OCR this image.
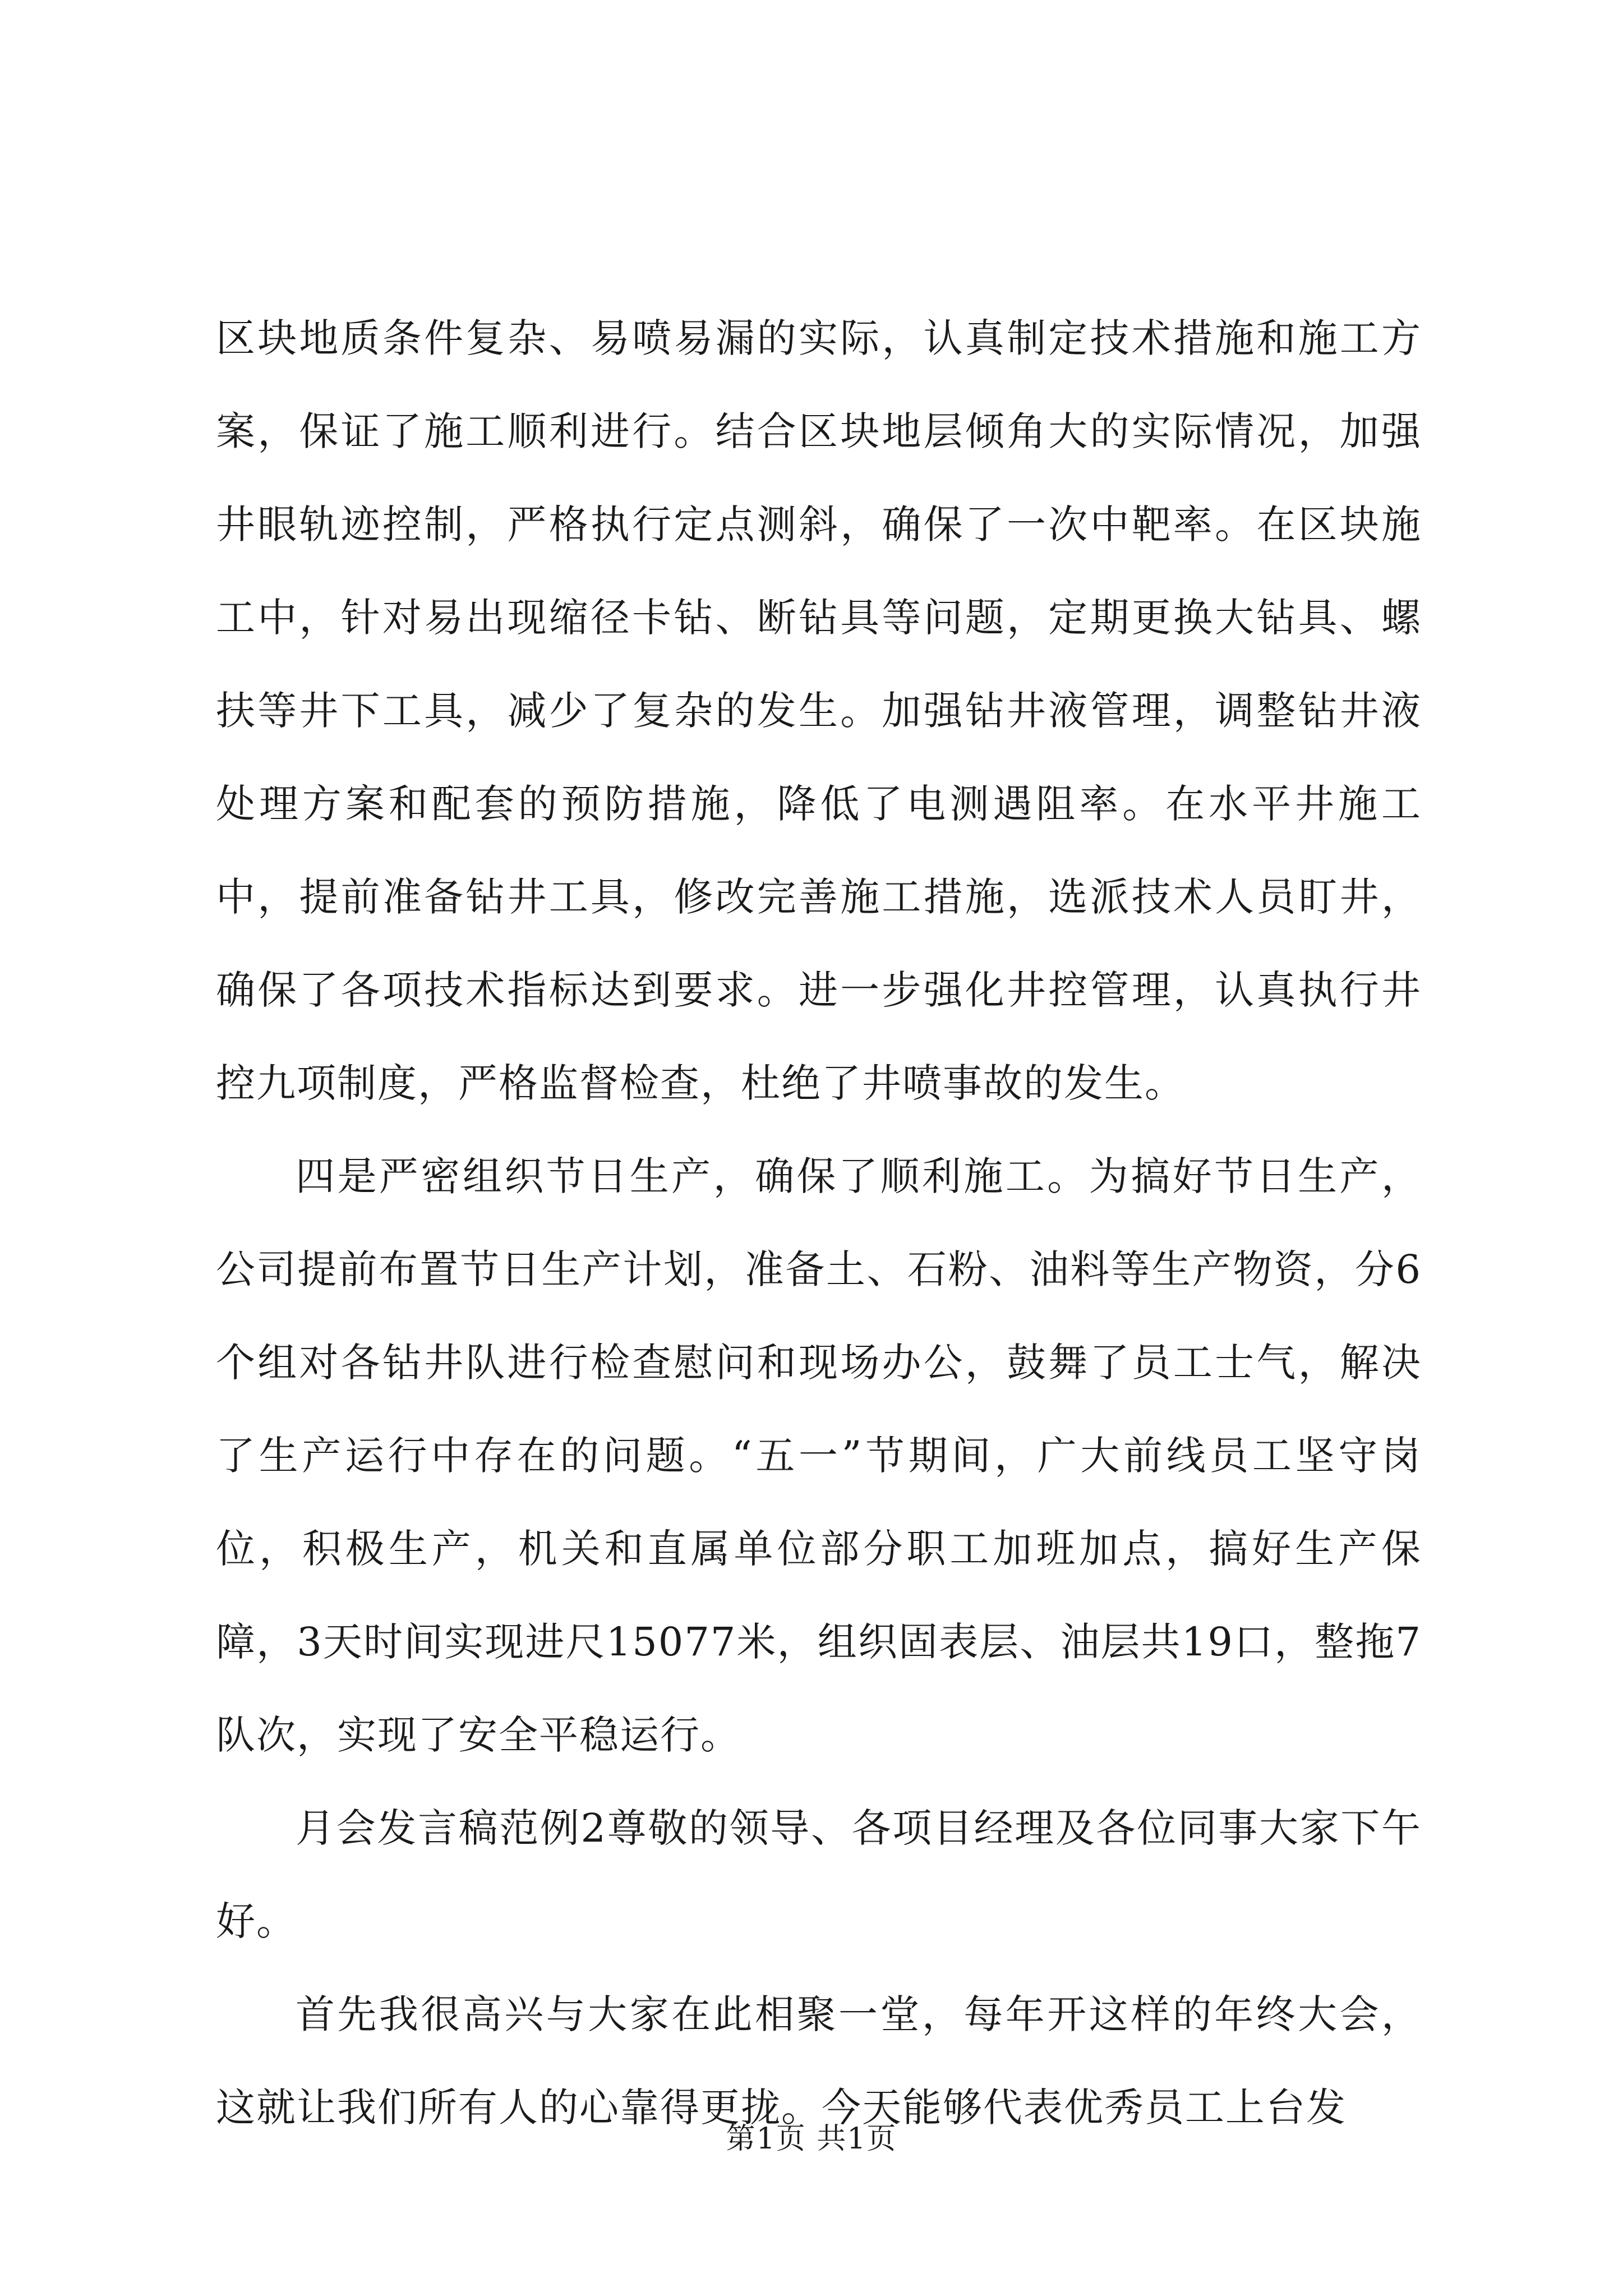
区块地质条件复杂、易喷易漏的实际，认真制定技术措施和施工方案，保证了施工顺利进行。结合区块地层倾角大的实际情况，加强井眼轨迹控制，严格执行定点测斜，确保了一次中靶率。在区块施工中，针对易出现缩径卡钻、断钻具等问题，定期更换大钻具、螺扶等井下工具，减少了复杂的发生。加强钻井液管理，调整钻井液处理方案和配套的预防措施，降低了电测遇阻率。在水平井施工中，提前准备钻井工具，修改完善施工措施，选派技术人员盯井，确保了各项技术指标达到要求。进一步强化井控管理，认真执行井控九项制度，严格监督检查，杜绝了井喷事故的发生。

四是严密组织节日生产，确保了顺利施工。为搞好节日生产，公司提前布置节日生产计划，准备土、石粉、油料等生产物资，分6个组对各钻井队进行检查慰问和现场办公，鼓舞了员工士气，解决了生产运行中存在的问题。“五一”节期间，广大前线员工坚守岗位，积极生产，机关和直属单位部分职工加班加点，搞好生产保障，3天时间实现进尺15077米，组织固表层、油层共19口，整拖7队次，实现了安全平稳运行。

月会发言稿范例2尊敬的领导、各项目经理及各位同事大家下午好。

首先我很高兴与大家在此相聚一堂，每年开这样的年终大会，这就让我们所有人的心靠得更拢。今天能够代表优秀员工上台发

第1页 共1页
